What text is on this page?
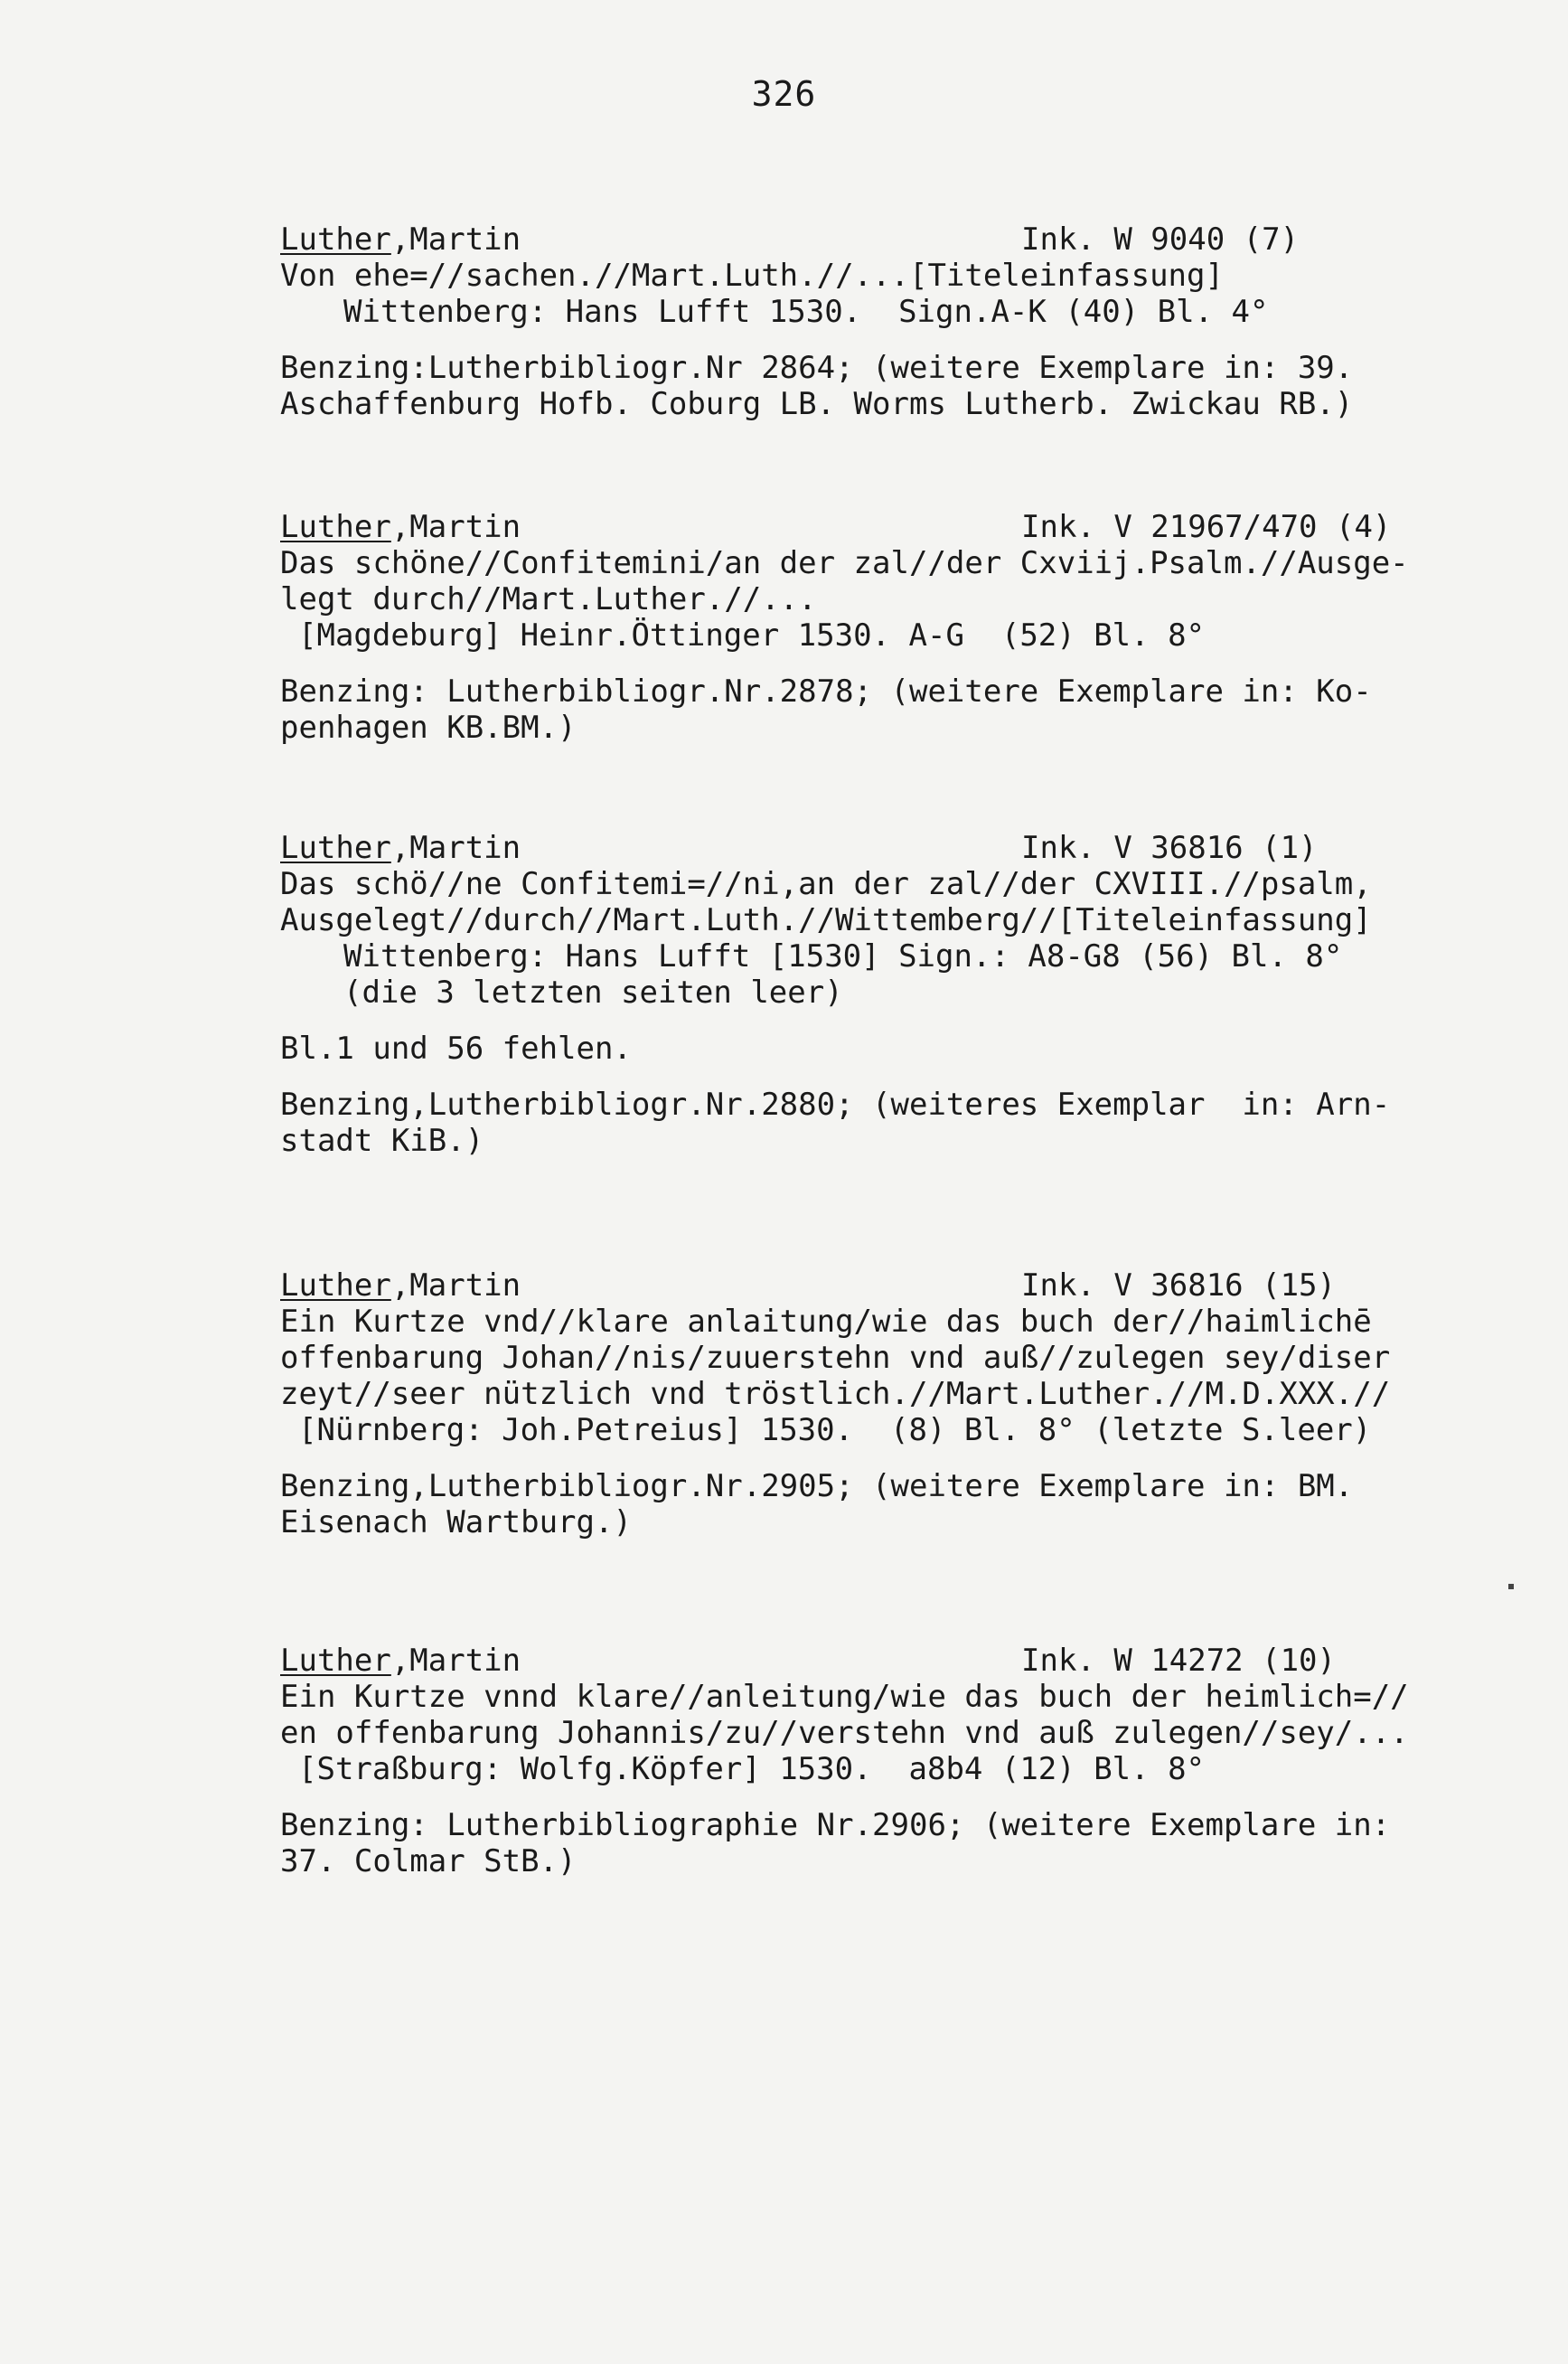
326
Luther,Martin	Ink. W 9040 (7)
Von ehe=//sachen.//Mart.Luth.//...[Titeleinfassung]
Wittenberg: Hans Lufft 1530.  Sign.A-K (40) Bl. 4°
Benzing:Lutherbibliogr.Nr 2864; (weitere Exemplare in: 39.
Aschaffenburg Hofb. Coburg LB. Worms Lutherb. Zwickau RB.)
Luther,Martin	Ink. V 21967/470 (4)
Das schöne//Confitemini/an der zal//der Cxviij.Psalm.//Ausge-
legt durch//Mart.Luther.//...
[Magdeburg] Heinr.Öttinger 1530. A-G  (52) Bl. 8°
Benzing: Lutherbibliogr.Nr.2878; (weitere Exemplare in: Ko-
penhagen KB.BM.)
Luther,Martin	Ink. V 36816 (1)
Das schö//ne Confitemi=//ni,an der zal//der CXVIII.//psalm,
Ausgelegt//durch//Mart.Luth.//Wittemberg//[Titeleinfassung]
Wittenberg: Hans Lufft [1530] Sign.: A8-G8 (56) Bl. 8°
(die 3 letzten seiten leer)
Bl.1 und 56 fehlen.
Benzing,Lutherbibliogr.Nr.2880; (weiteres Exemplar  in: Arn-
stadt KiB.)
Luther,Martin	Ink. V 36816 (15)
Ein Kurtze vnd//klare anlaitung/wie das buch der//haimlichē
offenbarung Johan//nis/zuuerstehn vnd auß//zulegen sey/diser
zeyt//seer nützlich vnd tröstlich.//Mart.Luther.//M.D.XXX.//
[Nürnberg: Joh.Petreius] 1530.  (8) Bl. 8° (letzte S.leer)
Benzing,Lutherbibliogr.Nr.2905; (weitere Exemplare in: BM.
Eisenach Wartburg.)
Luther,Martin	Ink. W 14272 (10)
Ein Kurtze vnnd klare//anleitung/wie das buch der heimlich=//
en offenbarung Johannis/zu//verstehn vnd auß zulegen//sey/...
[Straßburg: Wolfg.Köpfer] 1530.  a8b4 (12) Bl. 8°
Benzing: Lutherbibliographie Nr.2906; (weitere Exemplare in:
37. Colmar StB.)
